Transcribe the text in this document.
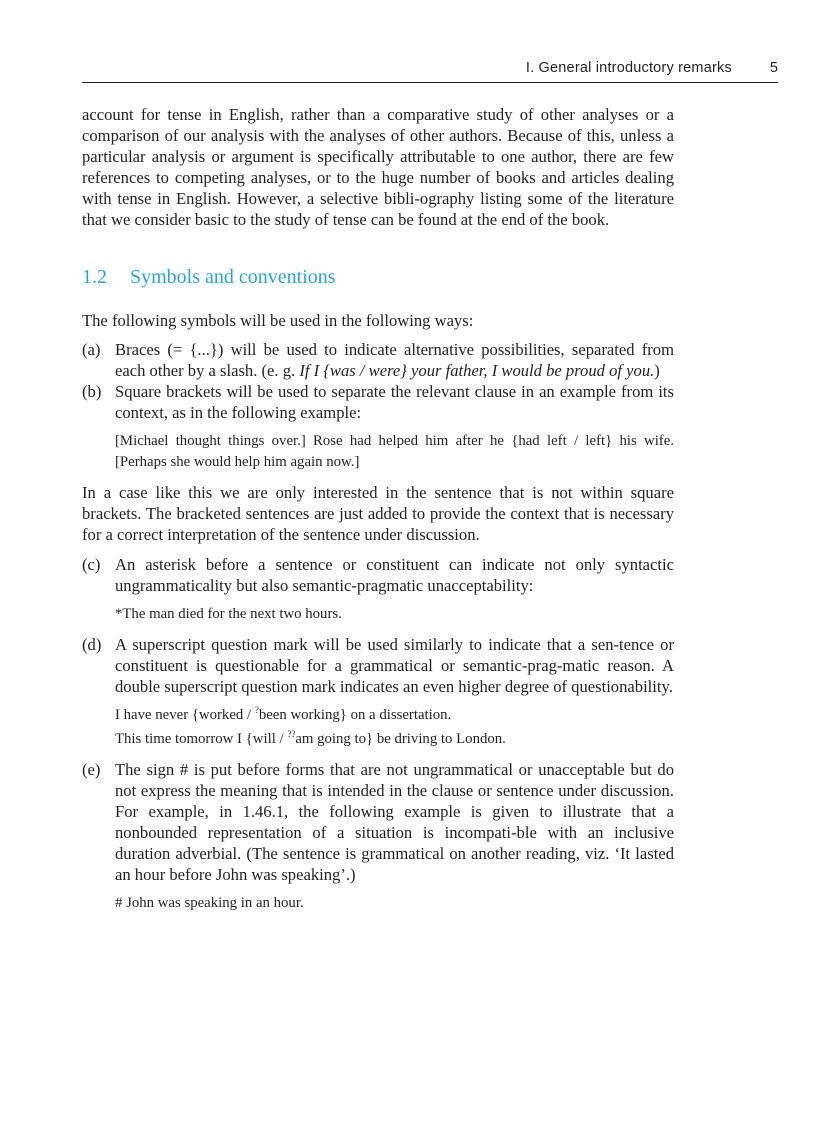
I. General introductory remarks	5

account for tense in English, rather than a comparative study of other analyses or a comparison of our analysis with the analyses of other authors. Because of this, unless a particular analysis or argument is specifically attributable to one author, there are few references to competing analyses, or to the huge number of books and articles dealing with tense in English. However, a selective bibli-ography listing some of the literature that we consider basic to the study of tense can be found at the end of the book.

1.2 Symbols and conventions

The following symbols will be used in the following ways:

(a) Braces (= {...}) will be used to indicate alternative possibilities, separated from each other by a slash. (e. g. If I {was / were} your father, I would be proud of you.)
(b) Square brackets will be used to separate the relevant clause in an example from its context, as in the following example:
[Michael thought things over.] Rose had helped him after he {had left / left} his wife. [Perhaps she would help him again now.]

In a case like this we are only interested in the sentence that is not within square brackets. The bracketed sentences are just added to provide the context that is necessary for a correct interpretation of the sentence under discussion.

(c) An asterisk before a sentence or constituent can indicate not only syntactic ungrammaticality but also semantic-pragmatic unacceptability:
*The man died for the next two hours.
(d) A superscript question mark will be used similarly to indicate that a sen-tence or constituent is questionable for a grammatical or semantic-prag-matic reason. A double superscript question mark indicates an even higher degree of questionability.
I have never {worked / ?been working} on a dissertation.
This time tomorrow I {will / ??am going to} be driving to London.
(e) The sign # is put before forms that are not ungrammatical or unacceptable but do not express the meaning that is intended in the clause or sentence under discussion. For example, in 1.46.1, the following example is given to illustrate that a nonbounded representation of a situation is incompati-ble with an inclusive duration adverbial. (The sentence is grammatical on another reading, viz. ‘It lasted an hour before John was speaking’.)
# John was speaking in an hour.
